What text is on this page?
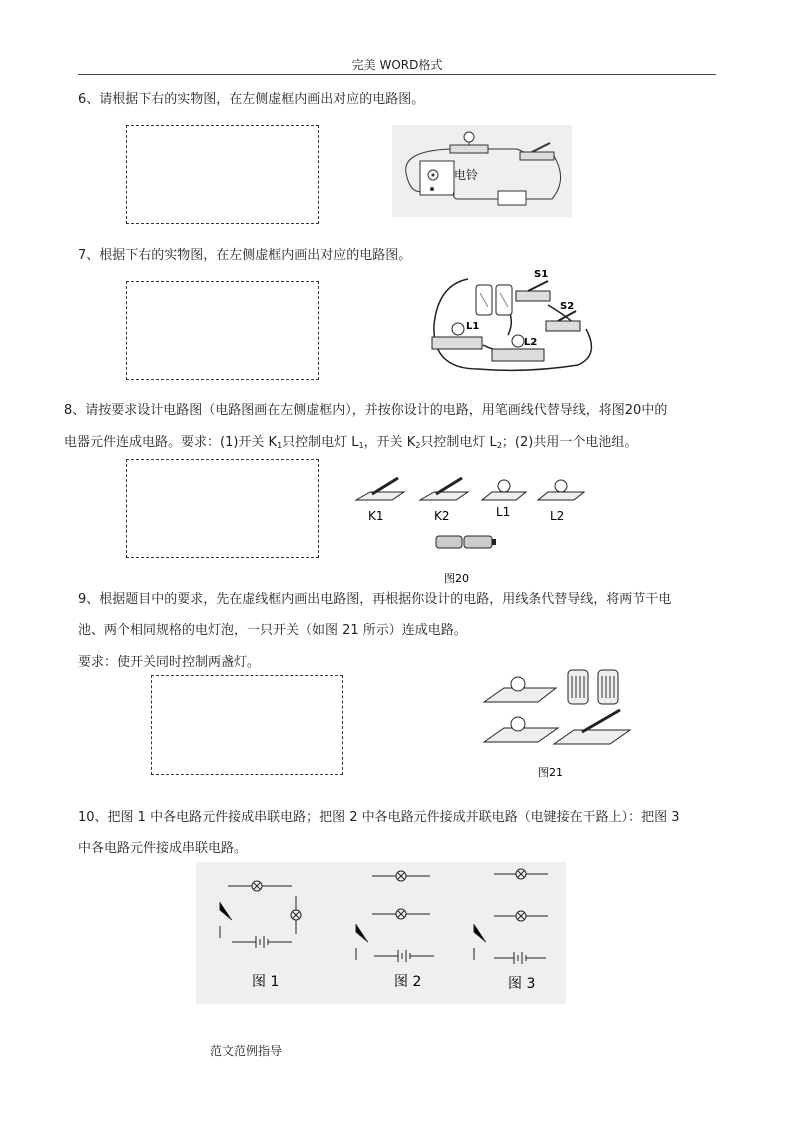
完美 WORD格式
6、请根据下右的实物图，在左侧虚框内画出对应的电路图。
电铃
7、根据下右的实物图，在左侧虚框内画出对应的电路图。
S1
S2
L1
L2
8、请按要求设计电路图（电路图画在左侧虚框内），并按你设计的电路，用笔画线代替导线，将图20中的
电器元件连成电路。要求：(1)开关 $K_1$只控制电灯 $L_1$，开关 $K_2$只控制电灯 $L_2$；(2)共用一个电池组。
K1	K2	L1	L2
图20
9、根据题目中的要求，先在虚线框内画出电路图，再根据你设计的电路，用线条代替导线，将两节干电
池、两个相同规格的电灯泡，一只开关（如图 21 所示）连成电路。
要求：使开关同时控制两盏灯。
图21
10、把图 1 中各电路元件接成串联电路；把图 2 中各电路元件接成并联电路（电键接在干路上）：把图 3
中各电路元件接成串联电路。
图 1	图 2	图 3
范文范例指导
